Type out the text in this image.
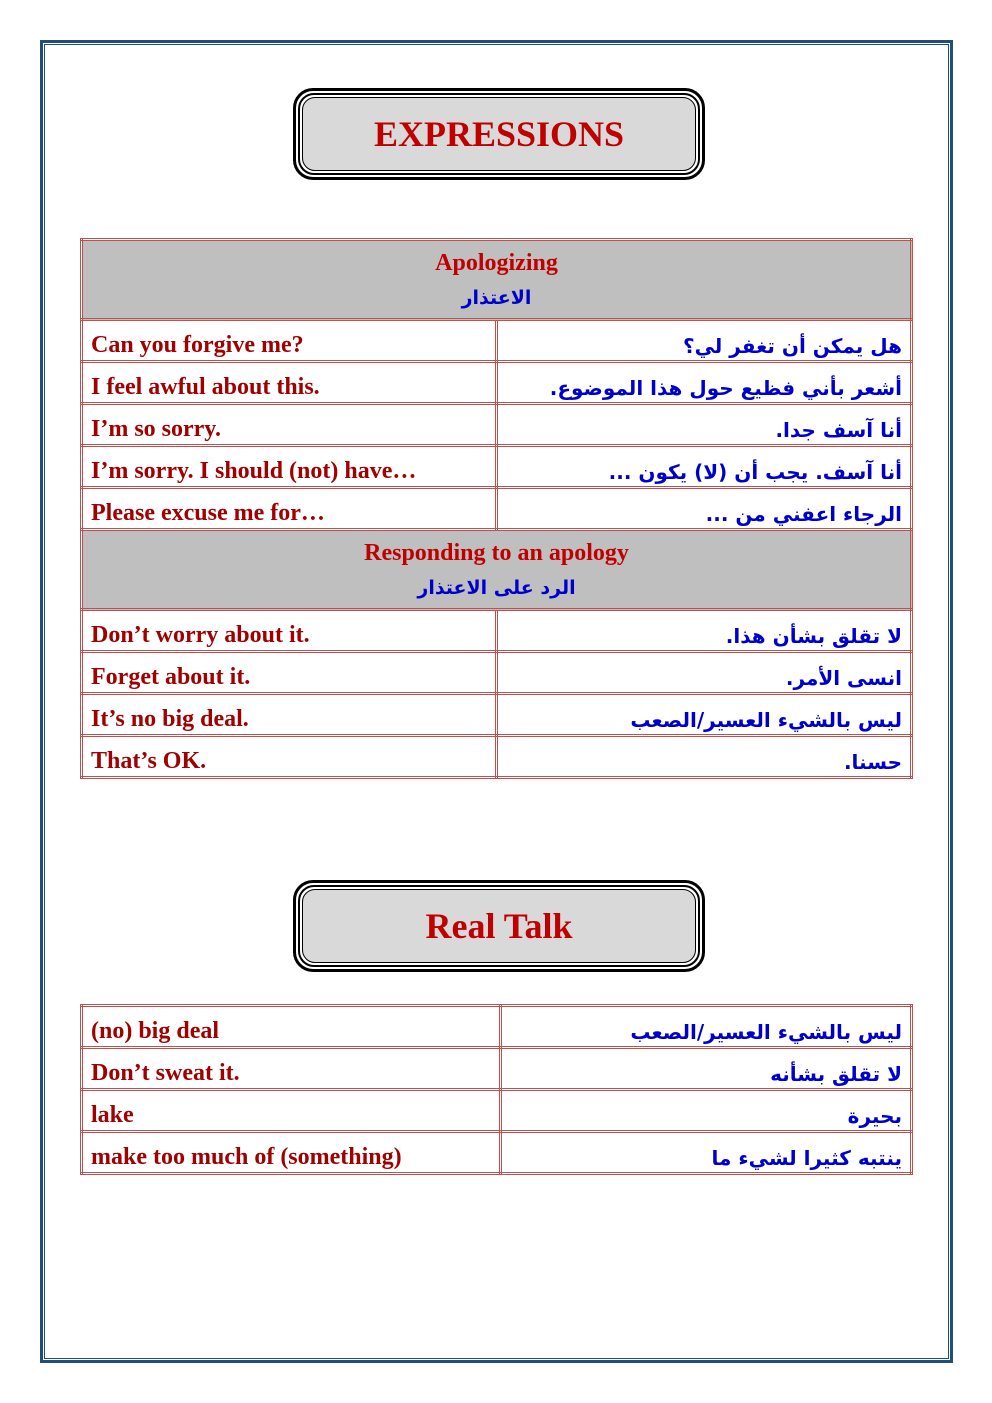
EXPRESSIONS
Apologizing
الاعتذار	

Can you forgive me?	هل يمكن أن تغفر لي؟
I feel awful about this.	أشعر بأني فظيع حول هذا الموضوع.
I’m so sorry.	أنا آسف جدا.
I’m sorry. I should (not) have…	أنا آسف. يجب أن (لا) يكون ...
Please excuse me for…	الرجاء اعفني من ...

Responding to an apology
الرد على الاعتذار	

Don’t worry about it.	لا تقلق بشأن هذا.
Forget about it.	انسى الأمر.
It’s no big deal.	ليس بالشيء العسير/الصعب
That’s OK.	حسنا.
Real Talk
(no) big deal	ليس بالشيء العسير/الصعب
Don’t sweat it.	لا تقلق بشأنه
lake	بحيرة
make too much of (something)	ينتبه كثيرا لشيء ما
